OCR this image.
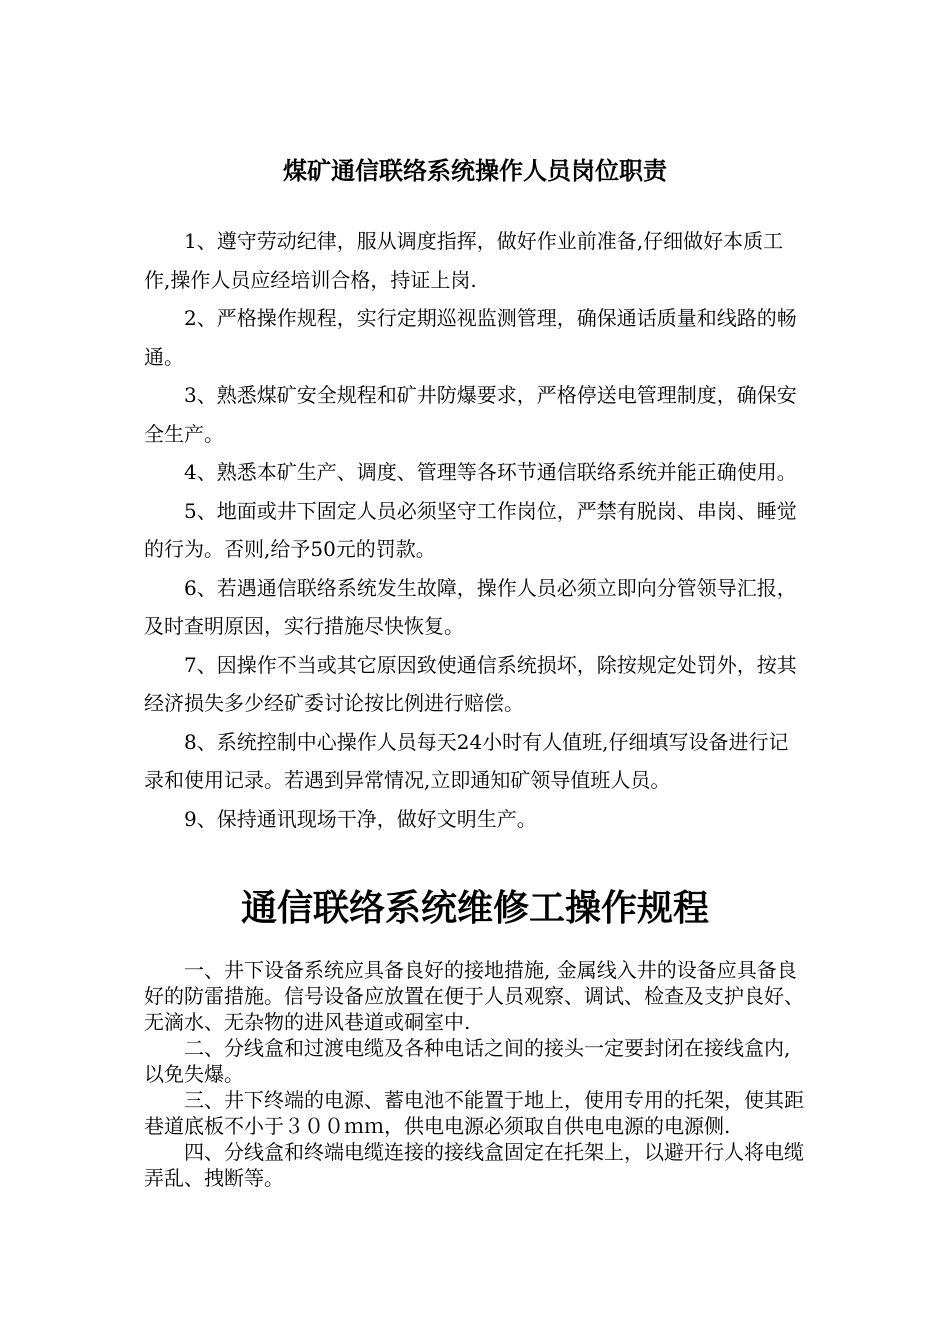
煤矿通信联络系统操作人员岗位职责

1、遵守劳动纪律，服从调度指挥，做好作业前准备,仔细做好本质工作,操作人员应经培训合格，持证上岗.

2、严格操作规程，实行定期巡视监测管理，确保通话质量和线路的畅通。

3、熟悉煤矿安全规程和矿井防爆要求，严格停送电管理制度，确保安全生产。

4、熟悉本矿生产、调度、管理等各环节通信联络系统并能正确使用。

5、地面或井下固定人员必须坚守工作岗位，严禁有脱岗、串岗、睡觉的行为。否则,给予50元的罚款。

6、若遇通信联络系统发生故障，操作人员必须立即向分管领导汇报，及时查明原因，实行措施尽快恢复。

7、因操作不当或其它原因致使通信系统损坏，除按规定处罚外，按其经济损失多少经矿委讨论按比例进行赔偿。

8、系统控制中心操作人员每天24小时有人值班,仔细填写设备进行记录和使用记录。若遇到异常情况,立即通知矿领导值班人员。

9、保持通讯现场干净，做好文明生产。

通信联络系统维修工操作规程

一、井下设备系统应具备良好的接地措施, 金属线入井的设备应具备良好的防雷措施。信号设备应放置在便于人员观察、调试、检查及支护良好、无滴水、无杂物的进风巷道或硐室中.

二、分线盒和过渡电缆及各种电话之间的接头一定要封闭在接线盒内, 以免失爆。

三、井下终端的电源、蓄电池不能置于地上，使用专用的托架，使其距巷道底板不小于３００ｍｍ，供电电源必须取自供电电源的电源侧.

四、分线盒和终端电缆连接的接线盒固定在托架上，以避开行人将电缆弄乱、拽断等。
